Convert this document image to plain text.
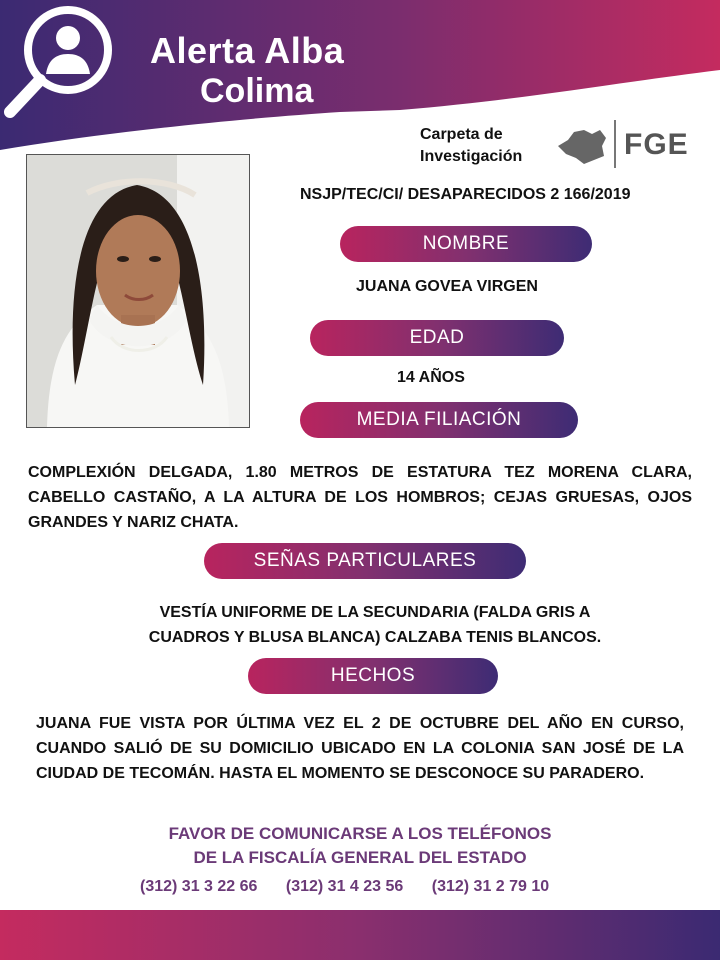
Alerta Alba
Colima
Carpeta de
Investigación	FGE
NSJP/TEC/CI/ DESAPARECIDOS 2 166/2019
NOMBRE
JUANA GOVEA VIRGEN
EDAD
14 AÑOS
MEDIA FILIACIÓN
COMPLEXIÓN DELGADA, 1.80 METROS DE ESTATURA TEZ MORENA CLARA, CABELLO CASTAÑO, A LA ALTURA DE LOS HOMBROS; CEJAS GRUESAS, OJOS GRANDES Y NARIZ CHATA.
SEÑAS PARTICULARES
VESTÍA UNIFORME DE LA SECUNDARIA (FALDA GRIS A
CUADROS Y BLUSA BLANCA) CALZABA TENIS BLANCOS.
HECHOS
JUANA FUE VISTA POR ÚLTIMA VEZ EL 2 DE OCTUBRE DEL AÑO EN CURSO, CUANDO SALIÓ DE SU DOMICILIO UBICADO EN LA COLONIA SAN JOSÉ DE LA CIUDAD DE TECOMÁN. HASTA EL MOMENTO SE DESCONOCE SU PARADERO.
FAVOR DE COMUNICARSE A LOS TELÉFONOS
DE LA FISCALÍA GENERAL DEL ESTADO
(312) 31 3 22 66 (312) 31 4 23 56 (312) 31 2 79 10
